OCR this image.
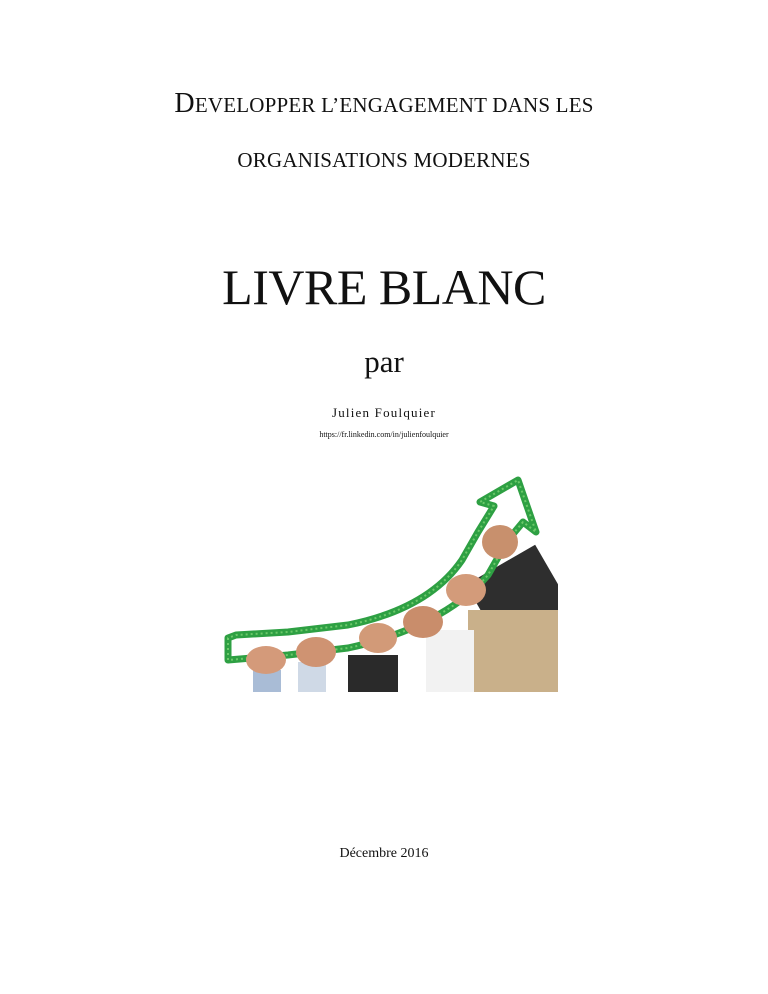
DEVELOPPER L’ENGAGEMENT DANS LES
ORGANISATIONS MODERNES
LIVRE BLANC
par
Julien Foulquier
https://fr.linkedin.com/in/julienfoulquier
Décembre 2016
